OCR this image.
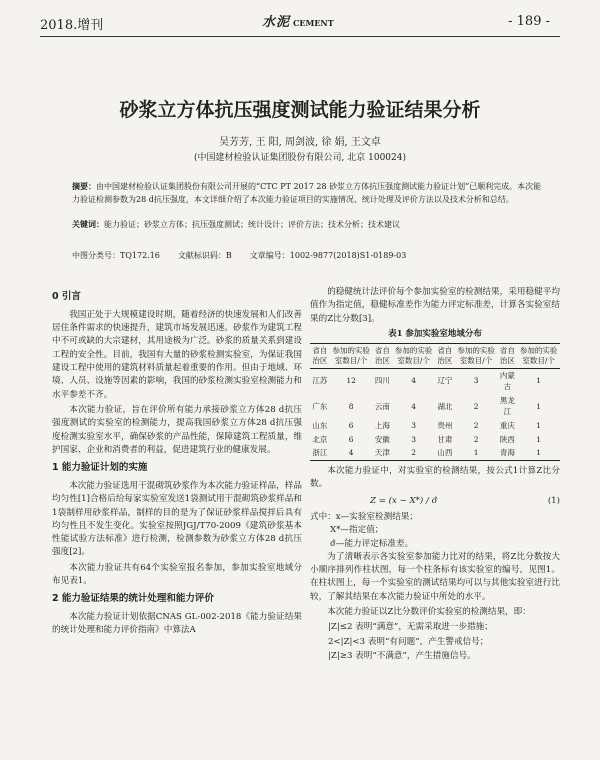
2018.增刊	水泥 CEMENT	- 189 -
砂浆立方体抗压强度测试能力验证结果分析
吴芳芳, 王 阳, 周剑波, 徐 娟, 王文卓
(中国建材检验认证集团股份有限公司, 北京 100024)
摘要：由中国建材检验认证集团股份有限公司开展的“CTC PT 2017 28 砂浆立方体抗压强度测试能力验证计划”已顺利完成。本次能力验证检测参数为28 d抗压强度，本文详细介绍了本次能力验证项目的实施情况、统计处理及评价方法以及技术分析和总结。
关键词：能力验证；砂浆立方体；抗压强度测试；统计设计；评价方法；技术分析；技术建议
中图分类号：TQ172.16 文献标识码：B 文章编号：1002-9877(2018)S1-0189-03
0 引言

我国正处于大规模建设时期，随着经济的快速发展和人们改善居住条件需求的快速提升，建筑市场发展迅速。砂浆作为建筑工程中不可或缺的大宗建材，其用途极为广泛。砂浆的质量关系到建设工程的安全性。目前，我国有大量的砂浆检测实验室，为保证我国建设工程中使用的建筑材料质量起着重要的作用。但由于地域、环境、人员、设施等因素的影响，我国的砂浆检测实验室检测能力和水平参差不齐。

本次能力验证，旨在评价所有能力承接砂浆立方体28 d抗压强度测试的实验室的检测能力，提高我国砂浆立方体28 d抗压强度检测实验室水平，确保砂浆的产品性能，保障建筑工程质量，维护国家、企业和消费者的利益，促进建筑行业的健康发展。

1 能力验证计划的实施

本次能力验证选用干混砌筑砂浆作为本次能力验证样品，样品均匀性[1]合格后给每家实验室发送1袋测试用干混砌筑砂浆样品和1袋制样用砂浆样品，制样的目的是为了保证砂浆样品搅拌后具有均匀性且不发生变化。实验室按照JGJ/T70-2009《建筑砂浆基本性能试验方法标准》进行检测，检测参数为砂浆立方体28 d抗压强度[2]。

本次能力验证共有64个实验室报名参加，参加实验室地域分布见表1。

2 能力验证结果的统计处理和能力评价

本次能力验证计划依据CNAS GL-002-2018《能力验证结果的统计处理和能力评价指南》中算法A

的稳健统计法评价每个参加实验室的检测结果，采用稳健平均值作为指定值，稳健标准差作为能力评定标准差，计算各实验室结果的Z比分数[3]。

表1 参加实验室地域分布
省自治区	参加的实验室数目/个	省自治区	参加的实验室数目/个	省自治区	参加的实验室数目/个	省自治区	参加的实验室数目/个
江苏	12	四川	4	辽宁	3	内蒙古	1
广东	8	云南	4	湖北	2	黑龙江	1
山东	6	上海	3	贵州	2	重庆	1
北京	6	安徽	3	甘肃	2	陕西	1
浙江	4	天津	2	山西	1	青海	1

本次能力验证中，对实验室的检测结果，按公式1计算Z比分数。

Z = (x − X*) / σ̂	(1)
式中：x—实验室检测结果；
X*—指定值；
σ̂—能力评定标准差。

为了清晰表示各实验室参加能力比对的结果，将Z比分数按大小顺序排列作柱状图，每一个柱条标有该实验室的编号，见图1。在柱状图上，每一个实验室的测试结果均可以与其他实验室进行比较，了解其结果在本次能力验证中所处的水平。

本次能力验证以Z比分数评价实验室的检测结果，即：

|Z|≤2 表明“满意”，无需采取进一步措施；
2<|Z|<3 表明“有问题”，产生警戒信号；
|Z|≥3 表明“不满意”，产生措施信号。
